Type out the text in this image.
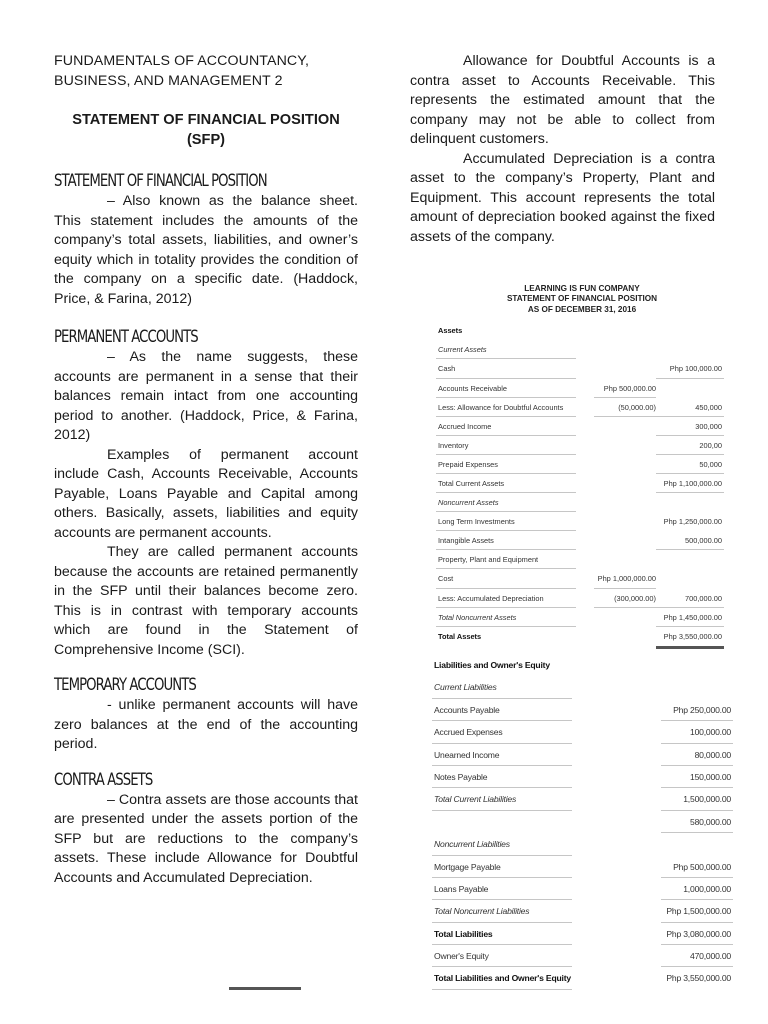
FUNDAMENTALS OF ACCOUNTANCY,
BUSINESS, AND MANAGEMENT 2
STATEMENT OF FINANCIAL POSITION
(SFP)
STATEMENT OF FINANCIAL POSITION

– Also known as the balance sheet. This statement includes the amounts of the company’s total assets, liabilities, and owner’s equity which in totality provides the condition of the company on a specific date. (Haddock, Price, & Farina, 2012)

PERMANENT ACCOUNTS

– As the name suggests, these accounts are permanent in a sense that their balances remain intact from one accounting period to another. (Haddock, Price, & Farina, 2012)

Examples of permanent account include Cash, Accounts Receivable, Accounts Payable, Loans Payable and Capital among others. Basically, assets, liabilities and equity accounts are permanent accounts.

They are called permanent accounts because the accounts are retained permanently in the SFP until their balances become zero. This is in contrast with temporary accounts which are found in the Statement of Comprehensive Income (SCI).

TEMPORARY ACCOUNTS

- unlike permanent accounts will have zero balances at the end of the accounting period.

CONTRA ASSETS

– Contra assets are those accounts that are presented under the assets portion of the SFP but are reductions to the company’s assets. These include Allowance for Doubtful Accounts and Accumulated Depreciation.

Allowance for Doubtful Accounts is a contra asset to Accounts Receivable. This represents the estimated amount that the company may not be able to collect from delinquent customers.

Accumulated Depreciation is a contra asset to the company’s Property, Plant and Equipment. This account represents the total amount of depreciation booked against the fixed assets of the company.

LEARNING IS FUN COMPANY
STATEMENT OF FINANCIAL POSITION
AS OF DECEMBER 31, 2016
Assets
Current Assets
Cash	Php 100,000.00
Accounts Receivable	Php 500,000.00
Less: Allowance for Doubtful Accounts	(50,000.00)	450,000
Accrued Income	300,000
Inventory	200,00
Prepaid Expenses	50,000
Total Current Assets	Php 1,100,000.00
Noncurrent Assets
Long Term Investments	Php 1,250,000.00
Intangible Assets	500,000.00
Property, Plant and Equipment
Cost	Php 1,000,000.00
Less: Accumulated Depreciation	(300,000.00)	700,000.00
Total Noncurrent Assets	Php 1,450,000.00
Total Assets	Php 3,550,000.00
Liabilities and Owner's Equity
Current Liabilities
Accounts Payable	Php 250,000.00
Accrued Expenses	100,000.00
Unearned Income	80,000.00
Notes Payable	150,000.00
Total Current Liabilities	1,500,000.00
580,000.00
Noncurrent Liabilities
Mortgage Payable	Php 500,000.00
Loans Payable	1,000,000.00
Total Noncurrent Liabilities	Php 1,500,000.00
Total Liabilities	Php 3,080,000.00
Owner's Equity	470,000.00
Total Liabilities and Owner's Equity	Php 3,550,000.00
